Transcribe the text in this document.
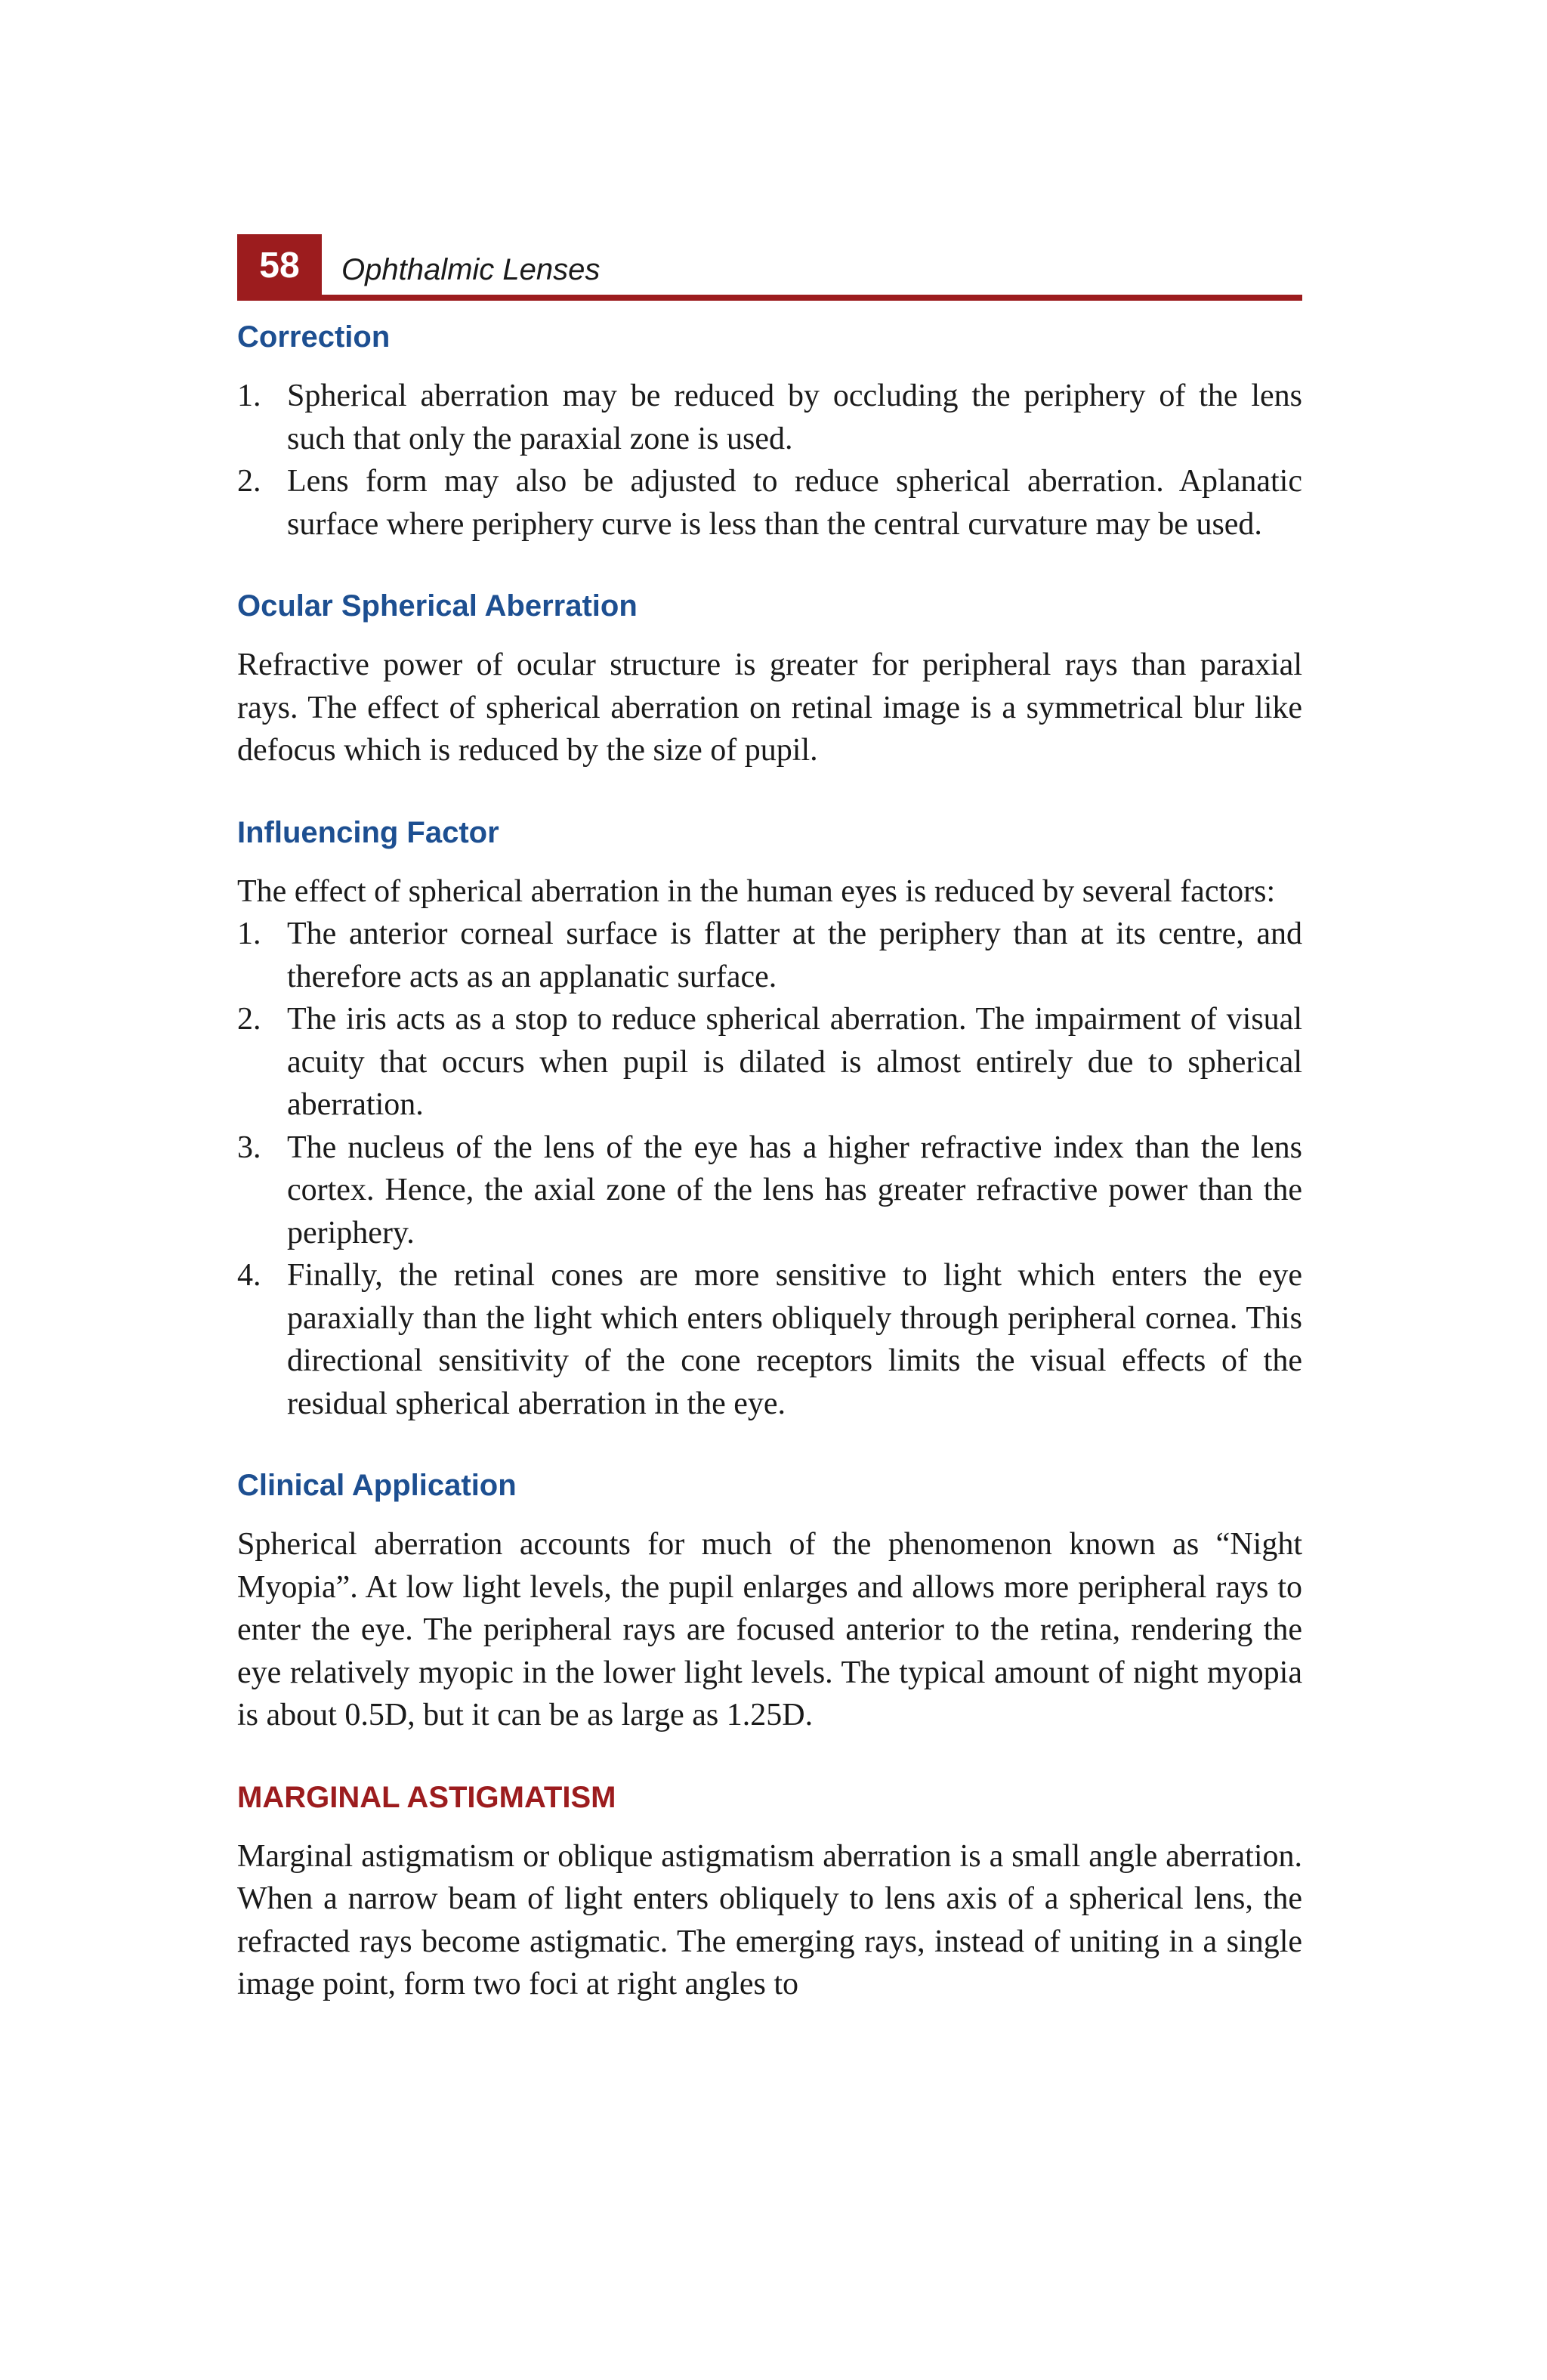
58	Ophthalmic Lenses
Correction
1. Spherical aberration may be reduced by occluding the periphery of the lens such that only the paraxial zone is used.
2. Lens form may also be adjusted to reduce spherical aberration. Aplanatic surface where periphery curve is less than the central curvature may be used.
Ocular Spherical Aberration

Refractive power of ocular structure is greater for peripheral rays than paraxial rays. The effect of spherical aberration on retinal image is a symmetrical blur like defocus which is reduced by the size of pupil.

Influencing Factor

The effect of spherical aberration in the human eyes is reduced by several factors:

1. The anterior corneal surface is flatter at the periphery than at its centre, and therefore acts as an applanatic surface.
2. The iris acts as a stop to reduce spherical aberration. The impairment of visual acuity that occurs when pupil is dilated is almost entirely due to spherical aberration.
3. The nucleus of the lens of the eye has a higher refractive index than the lens cortex. Hence, the axial zone of the lens has greater refractive power than the periphery.
4. Finally, the retinal cones are more sensitive to light which enters the eye paraxially than the light which enters obliquely through peripheral cornea. This directional sensitivity of the cone receptors limits the visual effects of the residual spherical aberration in the eye.
Clinical Application

Spherical aberration accounts for much of the phenomenon known as “Night Myopia”. At low light levels, the pupil enlarges and allows more peripheral rays to enter the eye. The peripheral rays are focused anterior to the retina, rendering the eye relatively myopic in the lower light levels. The typical amount of night myopia is about 0.5D, but it can be as large as 1.25D.

MARGINAL ASTIGMATISM

Marginal astigmatism or oblique astigmatism aberration is a small angle aberration. When a narrow beam of light enters obliquely to lens axis of a spherical lens, the refracted rays become astigmatic. The emerging rays, instead of uniting in a single image point, form two foci at right angles to
